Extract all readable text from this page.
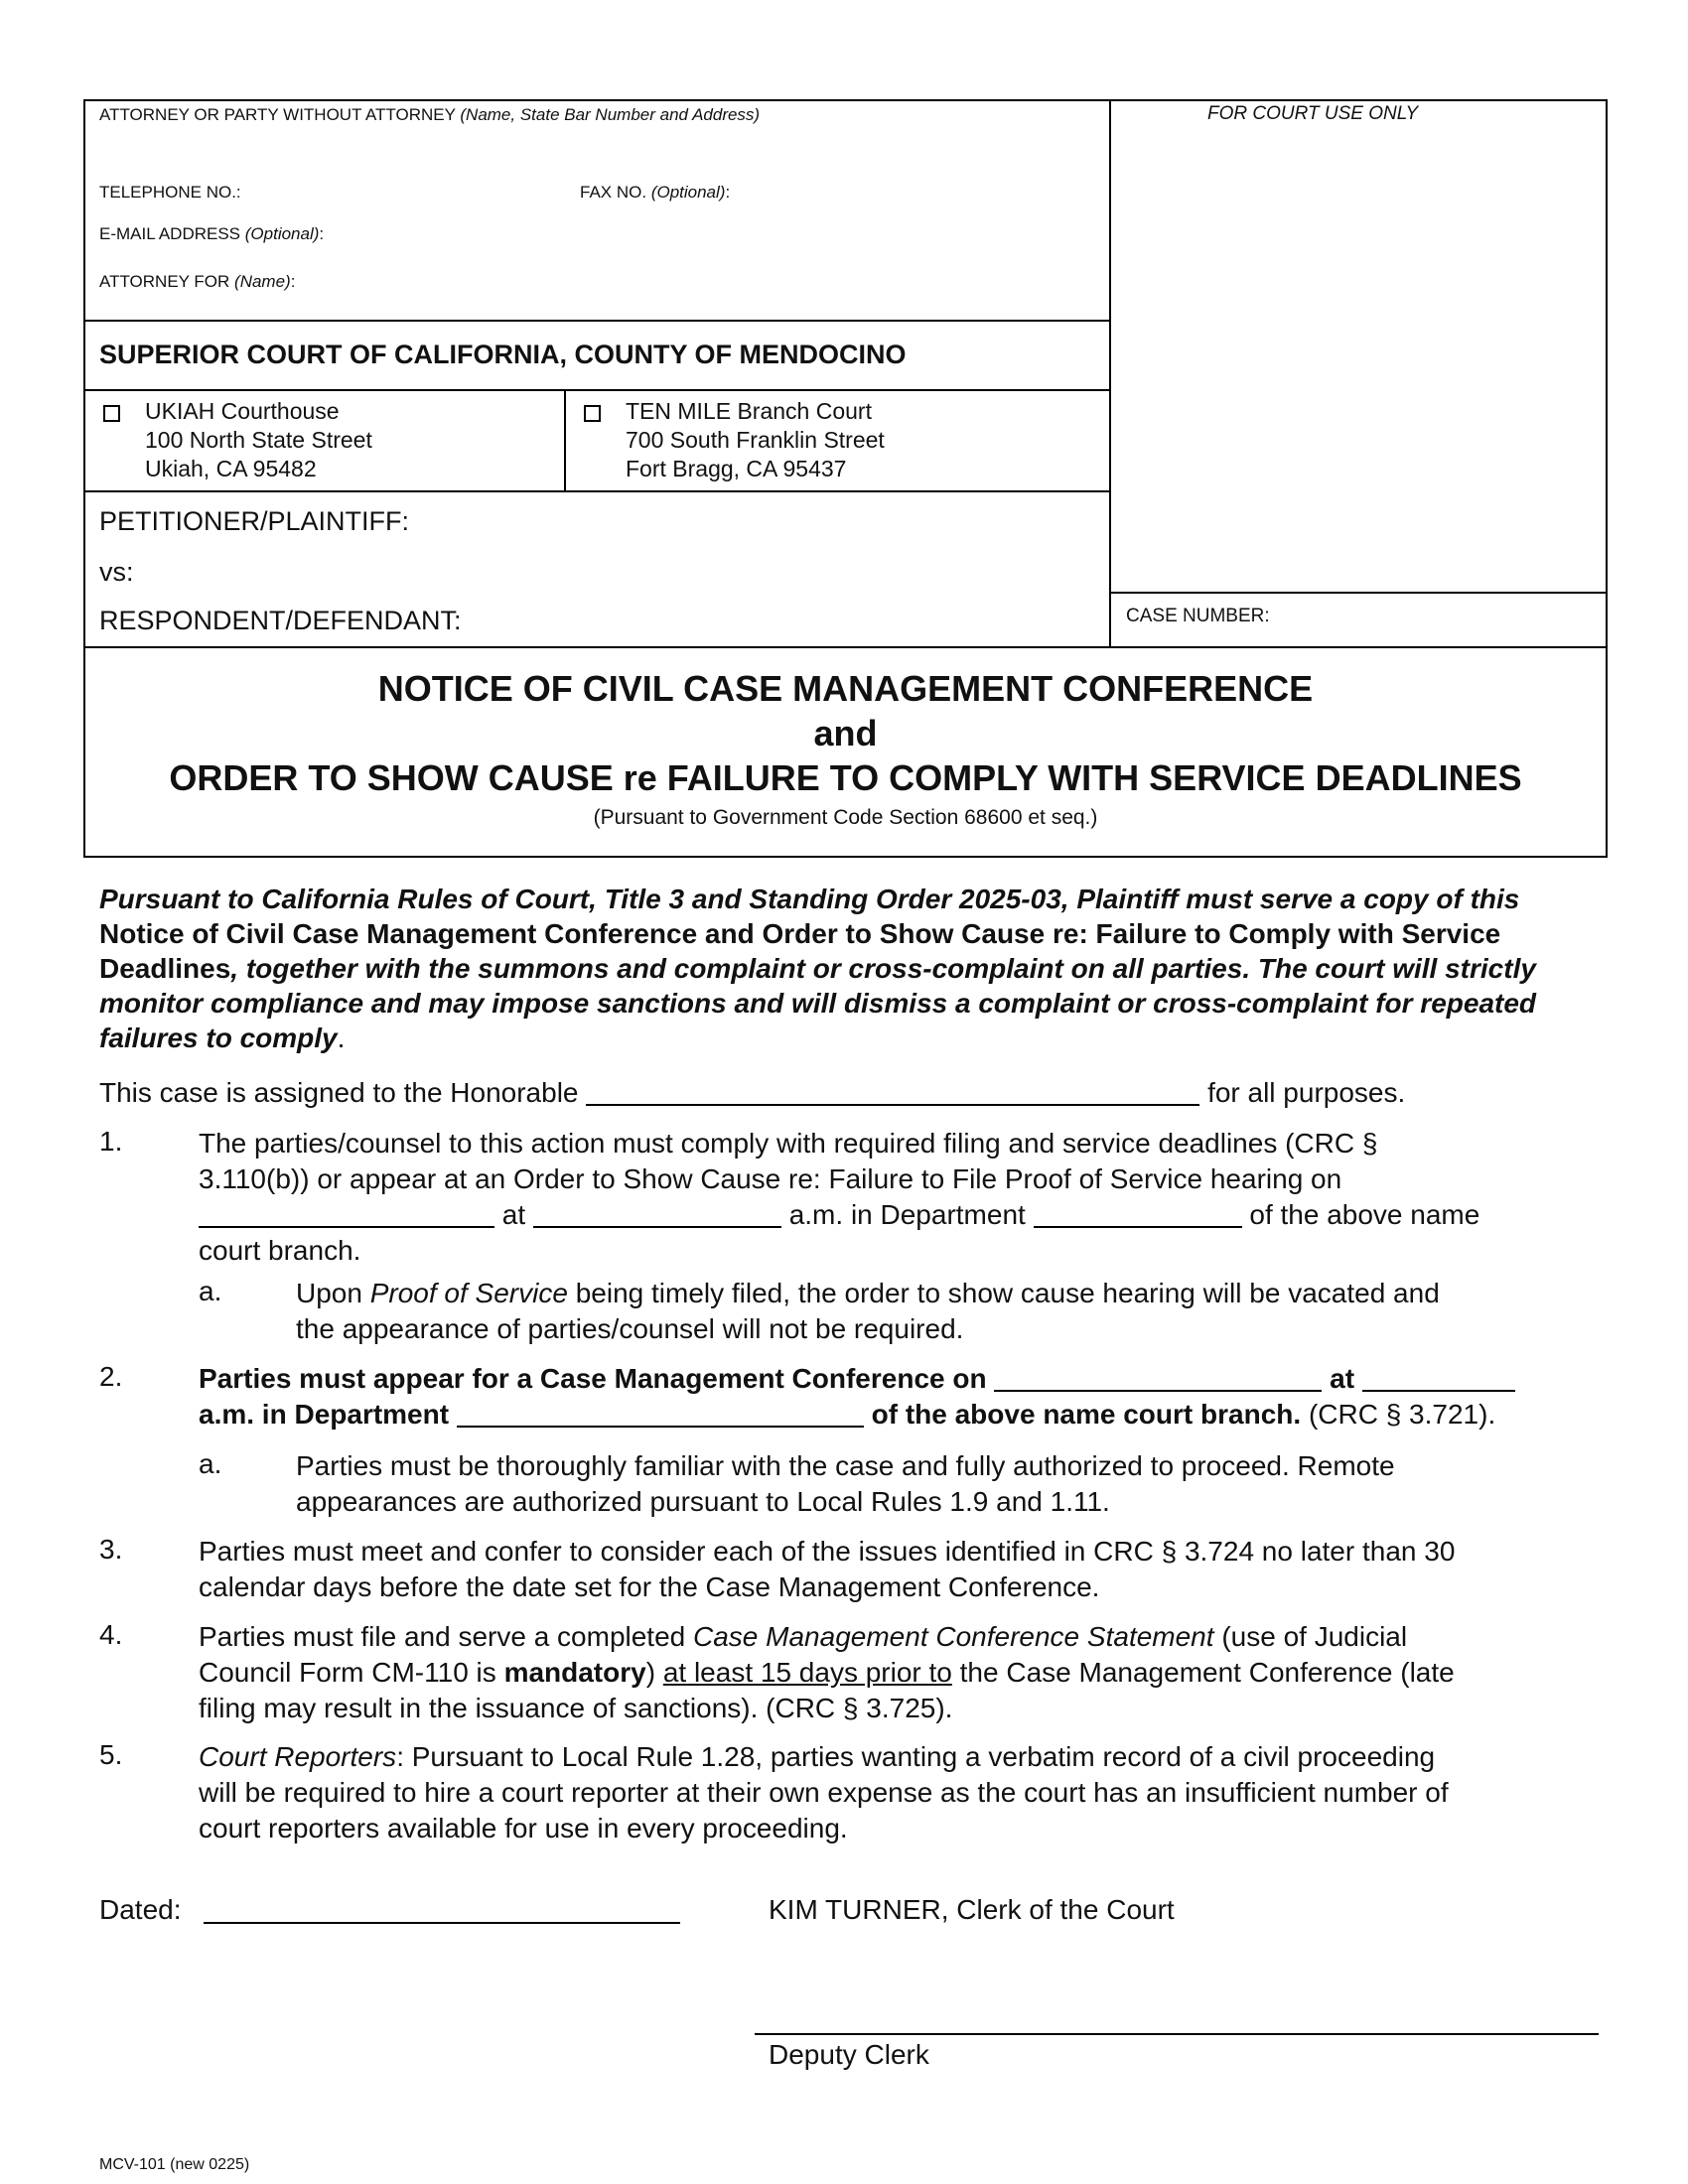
ATTORNEY OR PARTY WITHOUT ATTORNEY (Name, State Bar Number and Address)	FOR COURT USE ONLY
TELEPHONE NO.:	FAX NO. (Optional):
E-MAIL ADDRESS (Optional):
ATTORNEY FOR (Name):
SUPERIOR COURT OF CALIFORNIA, COUNTY OF MENDOCINO
UKIAH Courthouse
100 North State Street
Ukiah, CA 95482
TEN MILE Branch Court
700 South Franklin Street
Fort Bragg, CA 95437
PETITIONER/PLAINTIFF:
vs:
RESPONDENT/DEFENDANT:	CASE NUMBER:
NOTICE OF CIVIL CASE MANAGEMENT CONFERENCE
and
ORDER TO SHOW CAUSE re FAILURE TO COMPLY WITH SERVICE DEADLINES
(Pursuant to Government Code Section 68600 et seq.)
Pursuant to California Rules of Court, Title 3 and Standing Order 2025-03, Plaintiff must serve a copy of this Notice of Civil Case Management Conference and Order to Show Cause re: Failure to Comply with Service Deadlines, together with the summons and complaint or cross-complaint on all parties. The court will strictly monitor compliance and may impose sanctions and will dismiss a complaint or cross-complaint for repeated failures to comply.
This case is assigned to the Honorable	for all purposes.
1.	The parties/counsel to this action must comply with required filing and service deadlines (CRC §
3.110(b)) or appear at an Order to Show Cause re: Failure to File Proof of Service hearing on
at	a.m. in Department	of the above name
court branch.
a.	Upon Proof of Service being timely filed, the order to show cause hearing will be vacated and
the appearance of parties/counsel will not be required.
2.	Parties must appear for a Case Management Conference on	at
a.m. in Department	of the above name court branch. (CRC § 3.721).
a.	Parties must be thoroughly familiar with the case and fully authorized to proceed. Remote
appearances are authorized pursuant to Local Rules 1.9 and 1.11.
3.	Parties must meet and confer to consider each of the issues identified in CRC § 3.724 no later than 30
calendar days before the date set for the Case Management Conference.
4.	Parties must file and serve a completed Case Management Conference Statement (use of Judicial
Council Form CM-110 is mandatory) at least 15 days prior to the Case Management Conference (late
filing may result in the issuance of sanctions). (CRC § 3.725).
5.	Court Reporters: Pursuant to Local Rule 1.28, parties wanting a verbatim record of a civil proceeding
will be required to hire a court reporter at their own expense as the court has an insufficient number of
court reporters available for use in every proceeding.
Dated:	KIM TURNER, Clerk of the Court
Deputy Clerk
MCV-101 (new 0225)
